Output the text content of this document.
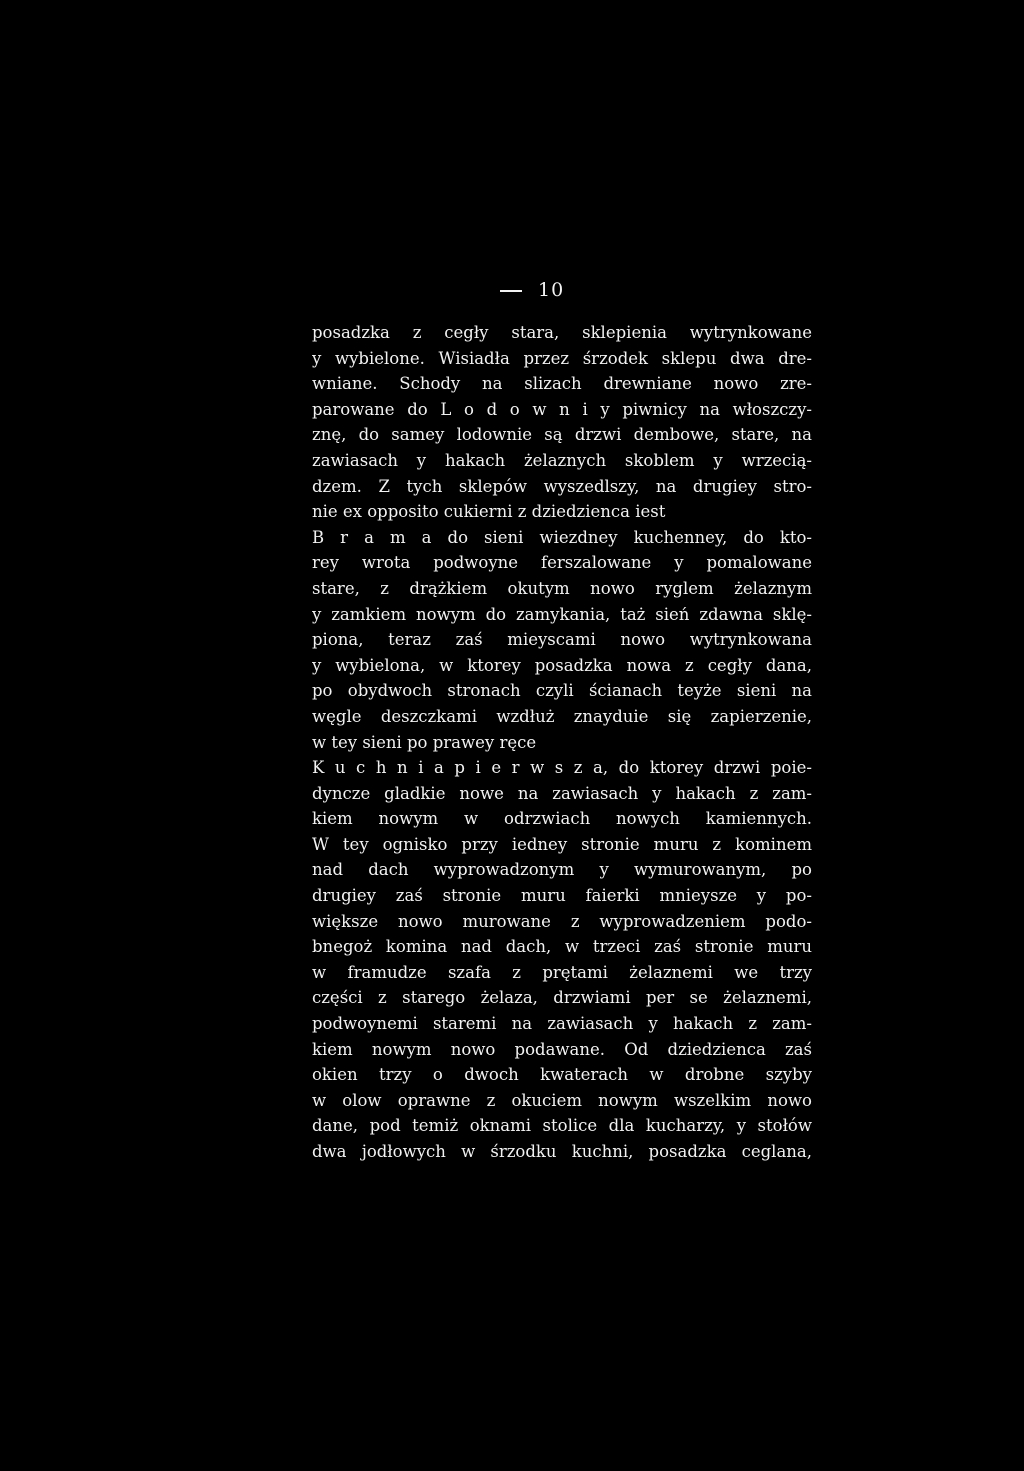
10
posadzka z cegły stara, sklepienia wytrynkowane
y wybielone. Wisiadła przez śrzodek sklepu dwa dre-
wniane. Schody na slizach drewniane nowo zre-
parowane do L o d o w n i y piwnicy na włoszczy-
znę, do samey lodownie są drzwi dembowe, stare, na
zawiasach y hakach żelaznych skoblem y wrzecią-
dzem. Z tych sklepów wyszedlszy, na drugiey stro-
nie ex opposito cukierni z dziedzienca iest
B r a m a do sieni wiezdney kuchenney, do kto-
rey wrota podwoyne ferszalowane y pomalowane
stare, z drążkiem okutym nowo ryglem żelaznym
y zamkiem nowym do zamykania, taż sień zdawna sklę-
piona, teraz zaś mieyscami nowo wytrynkowana
y wybielona, w ktorey posadzka nowa z cegły dana,
po obydwoch stronach czyli ścianach teyże sieni na
węgle deszczkami wzdłuż znayduie się zapierzenie,
w tey sieni po prawey ręce
K u c h n i a p i e r w s z a, do ktorey drzwi poie-
dyncze gladkie nowe na zawiasach y hakach z zam-
kiem nowym w odrzwiach nowych kamiennych.
W tey ognisko przy iedney stronie muru z kominem
nad dach wyprowadzonym y wymurowanym, po
drugiey zaś stronie muru faierki mnieysze y po-
większe nowo murowane z wyprowadzeniem podo-
bnegoż komina nad dach, w trzeci zaś stronie muru
w framudze szafa z prętami żelaznemi we trzy
części z starego żelaza, drzwiami per se żelaznemi,
podwoynemi staremi na zawiasach y hakach z zam-
kiem nowym nowo podawane. Od dziedzienca zaś
okien trzy o dwoch kwaterach w drobne szyby
w olow oprawne z okuciem nowym wszelkim nowo
dane, pod temiż oknami stolice dla kucharzy, y stołów
dwa jodłowych w śrzodku kuchni, posadzka ceglana,
